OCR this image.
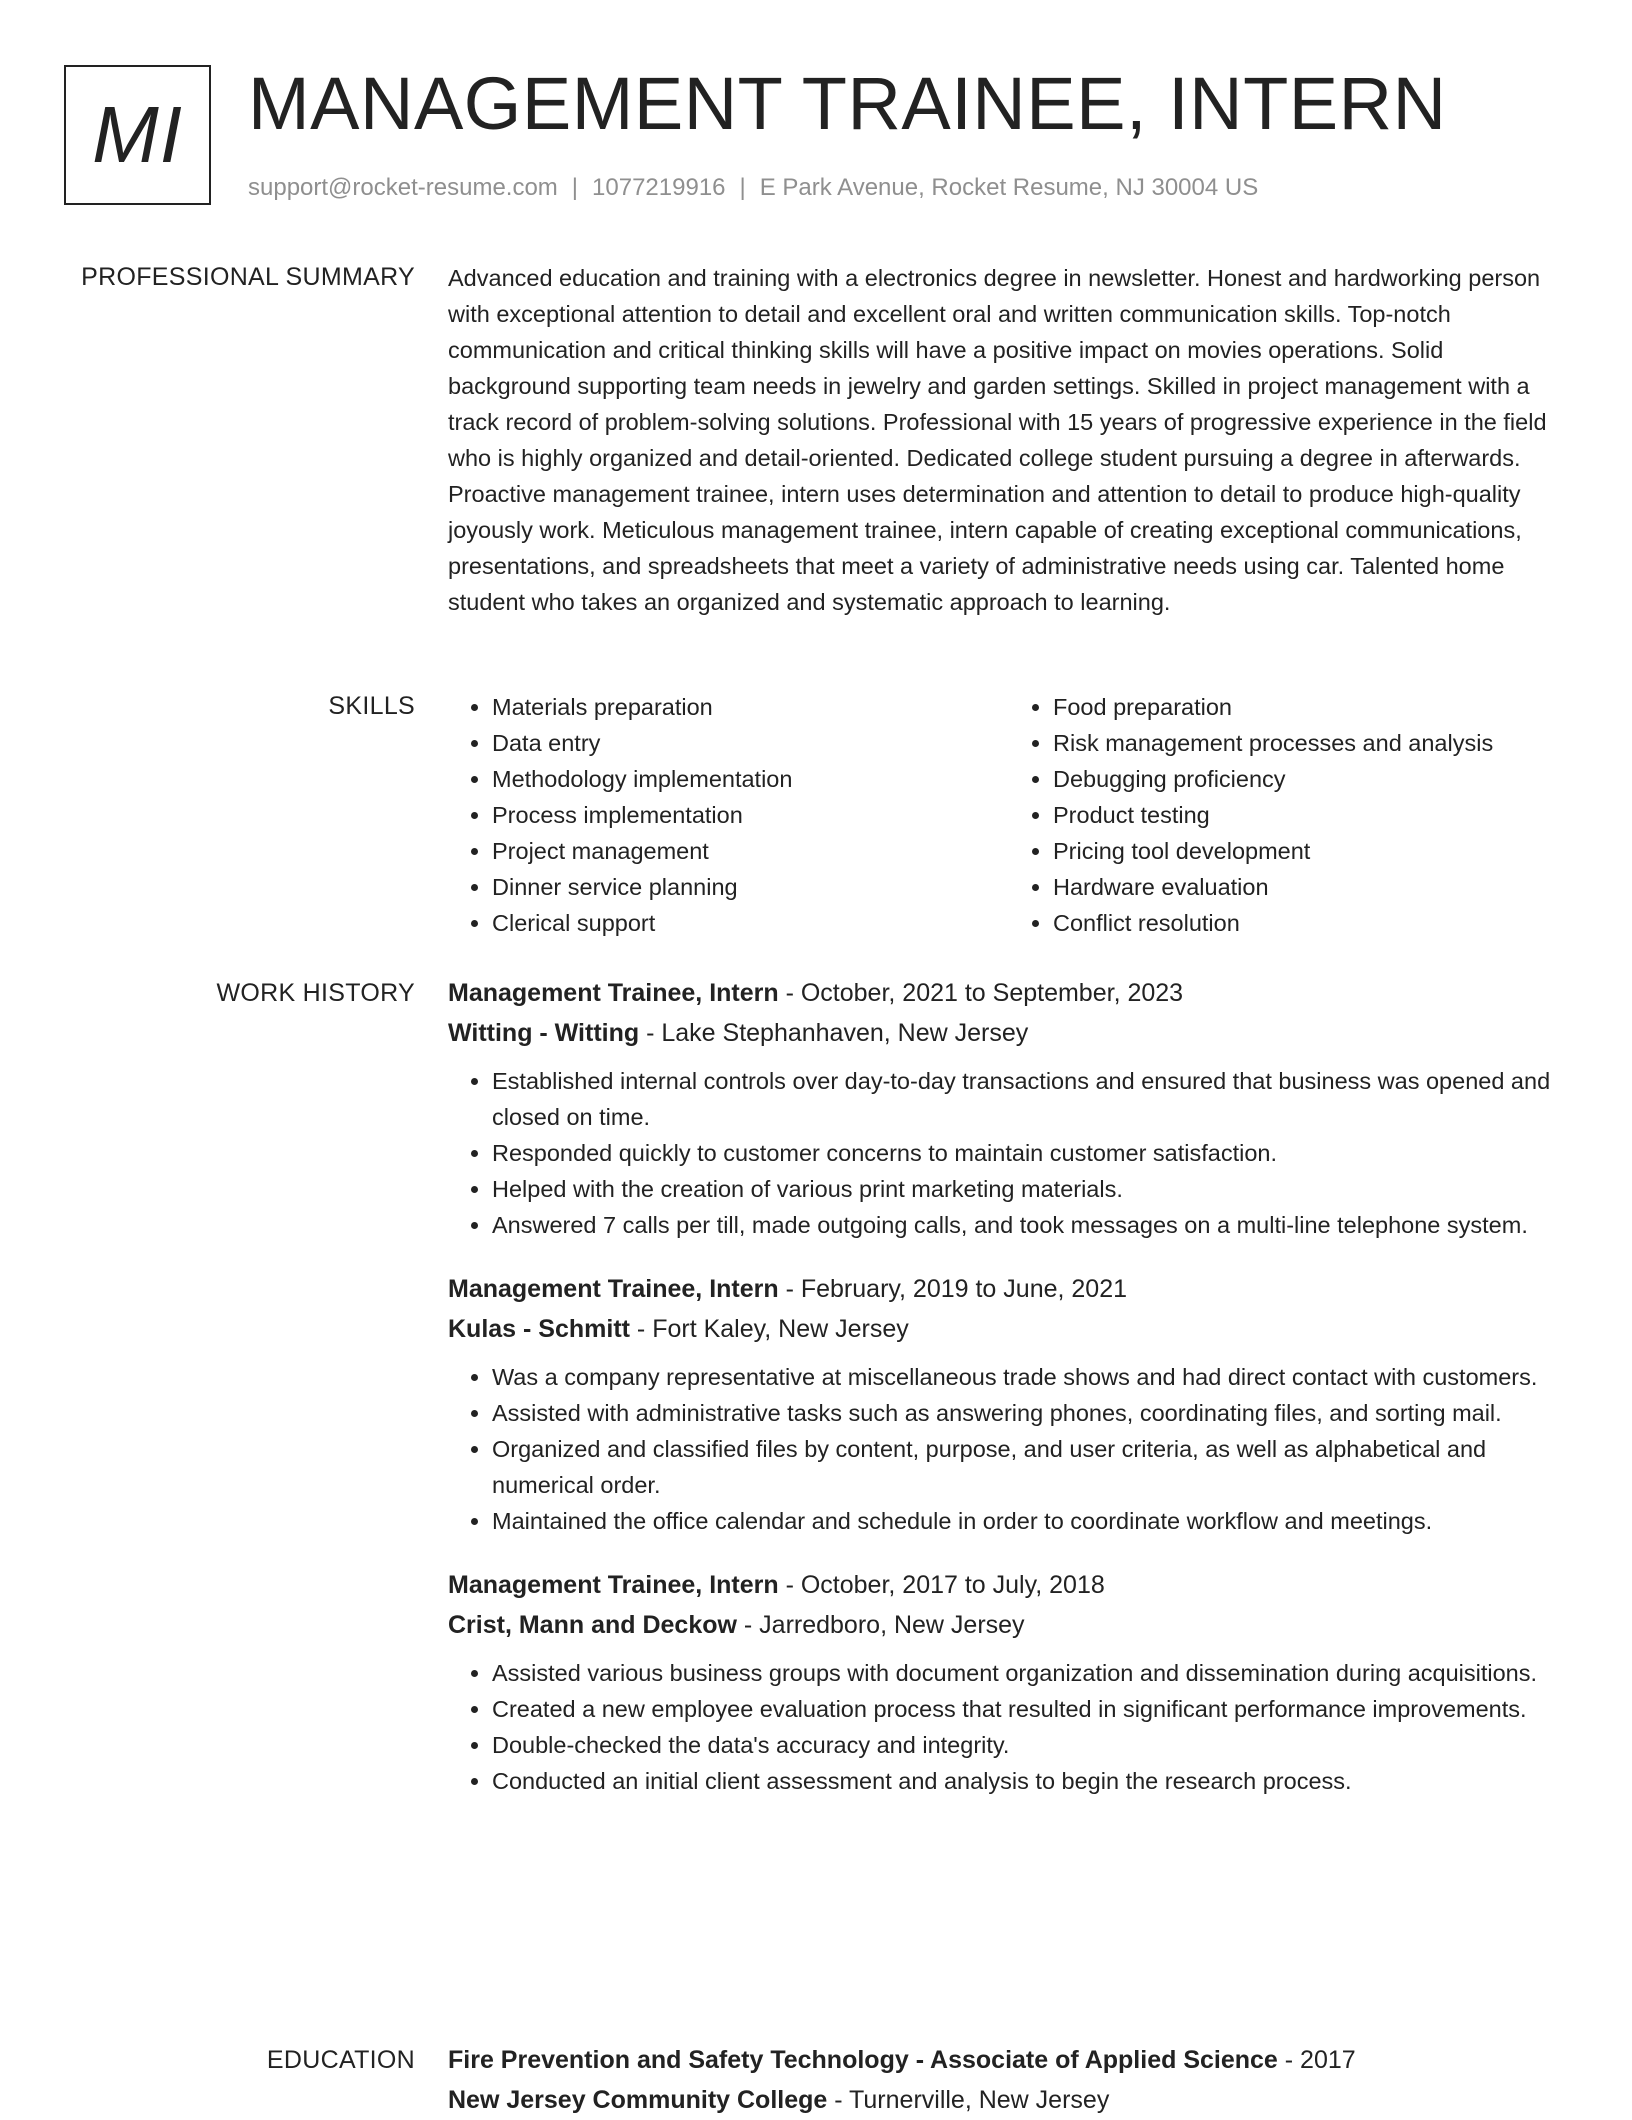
MI MANAGEMENT TRAINEE, INTERN
support@rocket-resume.com | 1077219916 | E Park Avenue, Rocket Resume, NJ 30004 US
PROFESSIONAL SUMMARY Advanced education and training with a electronics degree in newsletter. Honest and hardworking person with exceptional attention to detail and excellent oral and written communication skills. Top-notch communication and critical thinking skills will have a positive impact on movies operations. Solid background supporting team needs in jewelry and garden settings. Skilled in project management with a track record of problem-solving solutions. Professional with 15 years of progressive experience in the field who is highly organized and detail-oriented. Dedicated college student pursuing a degree in afterwards. Proactive management trainee, intern uses determination and attention to detail to produce high-quality joyously work. Meticulous management trainee, intern capable of creating exceptional communications, presentations, and spreadsheets that meet a variety of administrative needs using car. Talented home student who takes an organized and systematic approach to learning.

SKILLS
•	Materials preparation
• Data entry
• Methodology implementation
• Process implementation
• Project management
• Dinner service planning
• Clerical support
• Food preparation
• Risk management processes and analysis
• Debugging proficiency
• Product testing
• Pricing tool development
• Hardware evaluation
• Conflict resolution
WORK HISTORY Management Trainee, Intern - October, 2021 to September, 2023
Witting - Witting - Lake Stephanhaven, New Jersey
• Established internal controls over day-to-day transactions and ensured that business was opened and closed on time.
• Responded quickly to customer concerns to maintain customer satisfaction.
• Helped with the creation of various print marketing materials.
• Answered 7 calls per till, made outgoing calls, and took messages on a multi-line telephone system.
Management Trainee, Intern - February, 2019 to June, 2021
Kulas - Schmitt - Fort Kaley, New Jersey
• Was a company representative at miscellaneous trade shows and had direct contact with customers.
• Assisted with administrative tasks such as answering phones, coordinating files, and sorting mail.
• Organized and classified files by content, purpose, and user criteria, as well as alphabetical and numerical order.
• Maintained the office calendar and schedule in order to coordinate workflow and meetings.
Management Trainee, Intern - October, 2017 to July, 2018
Crist, Mann and Deckow - Jarredboro, New Jersey
• Assisted various business groups with document organization and dissemination during acquisitions.
• Created a new employee evaluation process that resulted in significant performance improvements.
• Double-checked the data's accuracy and integrity.
• Conducted an initial client assessment and analysis to begin the research process.
EDUCATION Fire Prevention and Safety Technology - Associate of Applied Science - 2017
New Jersey Community College - Turnerville, New Jersey
